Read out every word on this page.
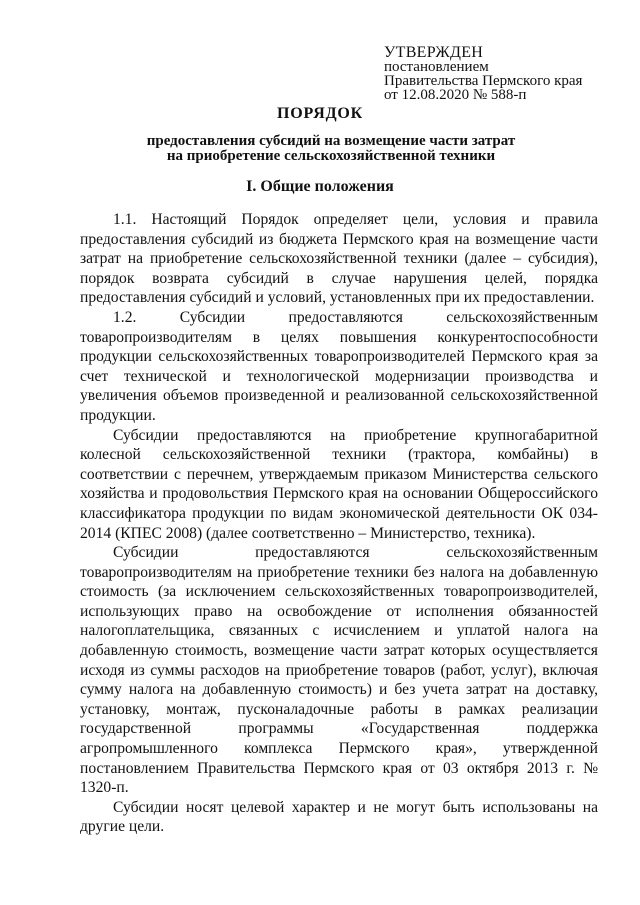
УТВЕРЖДЕН
постановлением
Правительства Пермского края
от 12.08.2020 № 588-п
ПОРЯДОК
предоставления субсидий на возмещение части затрат
на приобретение сельскохозяйственной техники
I. Общие положения

1.1. Настоящий Порядок определяет цели, условия и правила предоставления субсидий из бюджета Пермского края на возмещение части затрат на приобретение сельскохозяйственной техники (далее – субсидия), порядок возврата субсидий в случае нарушения целей, порядка предоставления субсидий и условий, установленных при их предоставлении.

1.2. Субсидии предоставляются сельскохозяйственным товаропроизводителям в целях повышения конкурентоспособности продукции сельскохозяйственных товаропроизводителей Пермского края за счет технической и технологической модернизации производства и увеличения объемов произведенной и реализованной сельскохозяйственной продукции.

Субсидии предоставляются на приобретение крупногабаритной колесной сельскохозяйственной техники (трактора, комбайны) в соответствии с перечнем, утверждаемым приказом Министерства сельского хозяйства и продовольствия Пермского края на основании Общероссийского классификатора продукции по видам экономической деятельности ОК 034-2014 (КПЕС 2008) (далее соответственно – Министерство, техника).

Субсидии предоставляются сельскохозяйственным товаропроизводителям на приобретение техники без налога на добавленную стоимость (за исключением сельскохозяйственных товаропроизводителей, использующих право на освобождение от исполнения обязанностей налогоплательщика, связанных с исчислением и уплатой налога на добавленную стоимость, возмещение части затрат которых осуществляется исходя из суммы расходов на приобретение товаров (работ, услуг), включая сумму налога на добавленную стоимость) и без учета затрат на доставку, установку, монтаж, пусконаладочные работы в рамках реализации государственной программы «Государственная поддержка агропромышленного комплекса Пермского края», утвержденной постановлением Правительства Пермского края от 03 октября 2013 г. № 1320-п.

Субсидии носят целевой характер и не могут быть использованы на другие цели.
